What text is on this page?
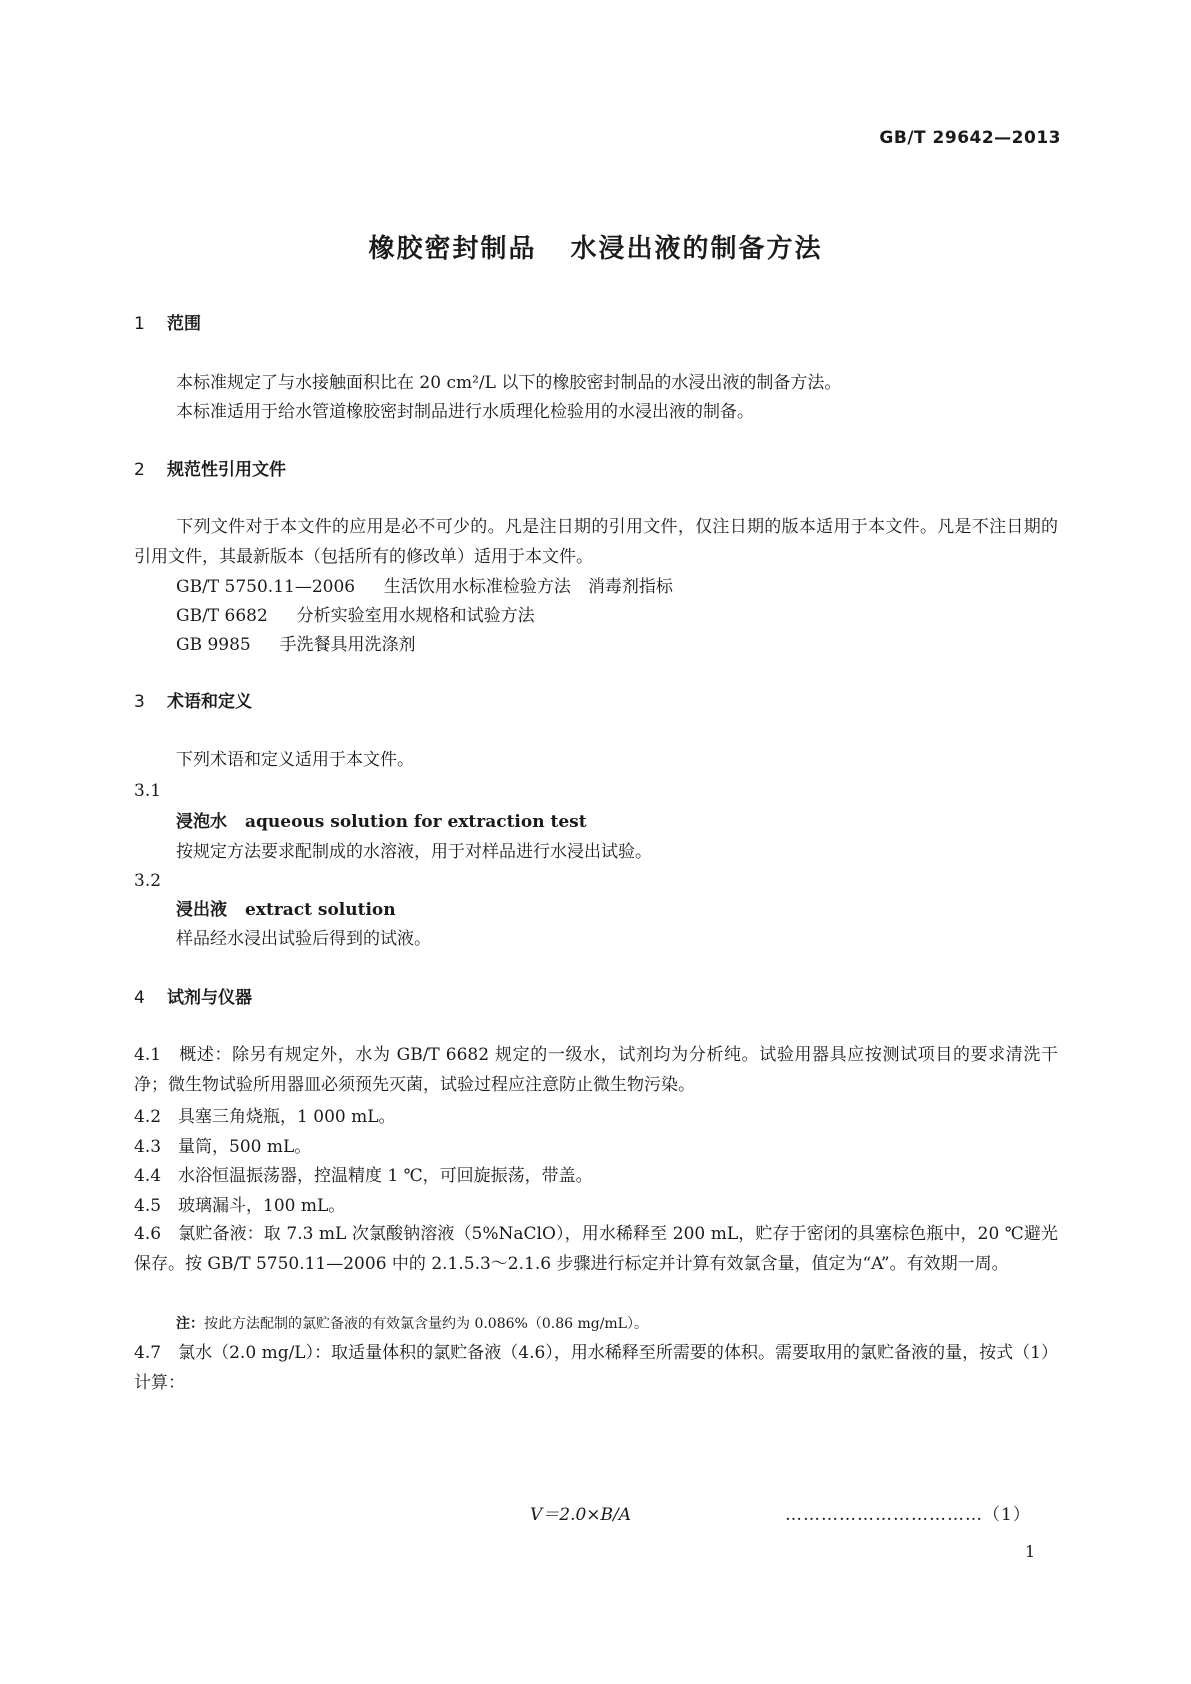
GB/T 29642—2013
橡胶密封制品 水浸出液的制备方法
1 范围
本标准规定了与水接触面积比在 20 cm²/L 以下的橡胶密封制品的水浸出液的制备方法。
本标准适用于给水管道橡胶密封制品进行水质理化检验用的水浸出液的制备。
2 规范性引用文件
下列文件对于本文件的应用是必不可少的。凡是注日期的引用文件，仅注日期的版本适用于本文件。凡是不注日期的引用文件，其最新版本（包括所有的修改单）适用于本文件。
GB/T 5750.11—2006 生活饮用水标准检验方法　消毒剂指标
GB/T 6682 分析实验室用水规格和试验方法
GB 9985 手洗餐具用洗涤剂
3 术语和定义
下列术语和定义适用于本文件。
3.1
浸泡水 aqueous solution for extraction test
按规定方法要求配制成的水溶液，用于对样品进行水浸出试验。
3.2
浸出液 extract solution
样品经水浸出试验后得到的试液。
4 试剂与仪器
4.1　 概述：除另有规定外，水为 GB/T 6682 规定的一级水，试剂均为分析纯。试验用器具应按测试项目的要求清洗干净；微生物试验所用器皿必须预先灭菌，试验过程应注意防止微生物污染。
4.2　 具塞三角烧瓶，1 000 mL。
4.3　 量筒，500 mL。
4.4　 水浴恒温振荡器，控温精度 1 ℃，可回旋振荡，带盖。
4.5　 玻璃漏斗，100 mL。
4.6　 氯贮备液：取 7.3 mL 次氯酸钠溶液（5%NaClO），用水稀释至 200 mL，贮存于密闭的具塞棕色瓶中，20 ℃避光保存。按 GB/T 5750.11—2006 中的 2.1.5.3～2.1.6 步骤进行标定并计算有效氯含量，值定为“A”。有效期一周。
注：按此方法配制的氯贮备液的有效氯含量约为 0.086%（0.86 mg/mL）。
4.7　 氯水（2.0 mg/L）：取适量体积的氯贮备液（4.6），用水稀释至所需要的体积。需要取用的氯贮备液的量，按式（1）计算：
V＝2.0×B/A	……………………………（1）
1
